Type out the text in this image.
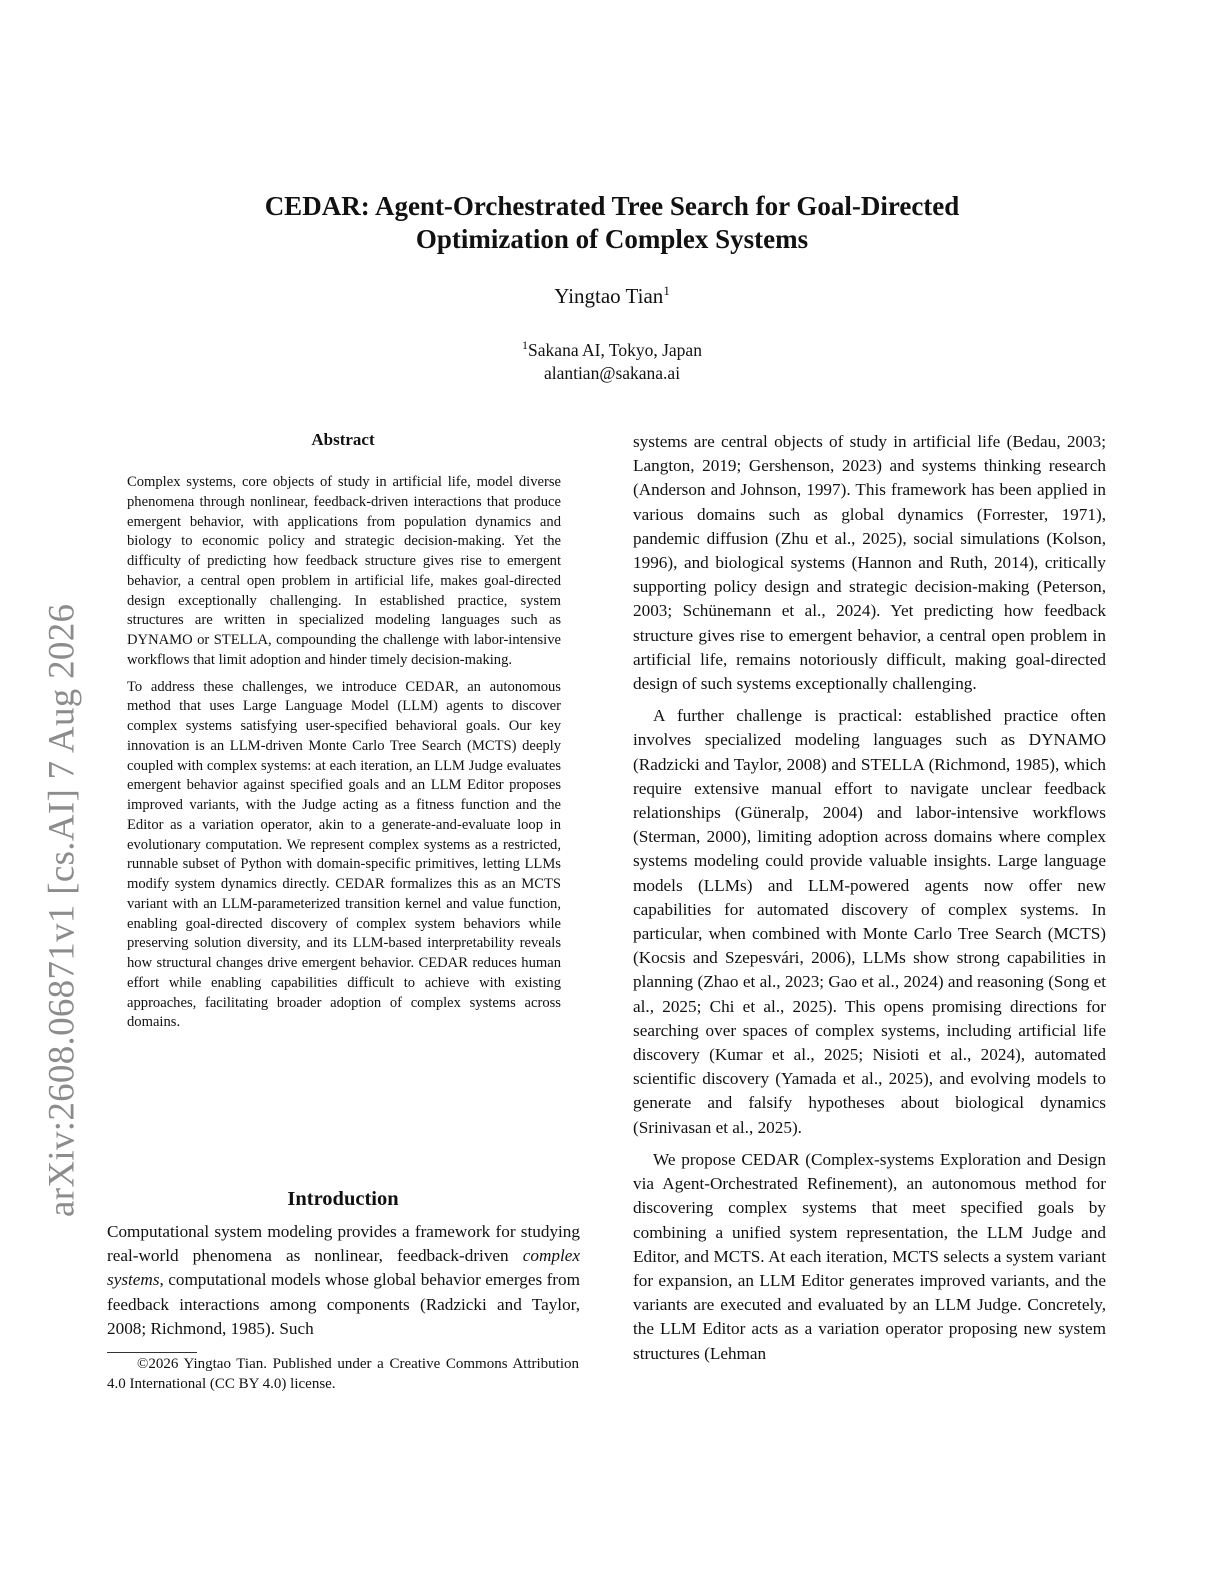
arXiv:2608.06871v1 [cs.AI] 7 Aug 2026
CEDAR: Agent-Orchestrated Tree Search for Goal-Directed
Optimization of Complex Systems
Yingtao Tian$^1$
$^1$Sakana AI, Tokyo, Japan
alantian@sakana.ai
Abstract

Complex systems, core objects of study in artificial life, model diverse phenomena through nonlinear, feedback-driven interactions that produce emergent behavior, with applications from population dynamics and biology to economic policy and strategic decision-making. Yet the difficulty of predicting how feedback structure gives rise to emergent behavior, a central open problem in artificial life, makes goal-directed design exceptionally challenging. In established practice, system structures are written in specialized modeling languages such as DYNAMO or STELLA, compounding the challenge with labor-intensive workflows that limit adoption and hinder timely decision-making.

To address these challenges, we introduce CEDAR, an autonomous method that uses Large Language Model (LLM) agents to discover complex systems satisfying user-specified behavioral goals. Our key innovation is an LLM-driven Monte Carlo Tree Search (MCTS) deeply coupled with complex systems: at each iteration, an LLM Judge evaluates emergent behavior against specified goals and an LLM Editor proposes improved variants, with the Judge acting as a fitness function and the Editor as a variation operator, akin to a generate-and-evaluate loop in evolutionary computation. We represent complex systems as a restricted, runnable subset of Python with domain-specific primitives, letting LLMs modify system dynamics directly. CEDAR formalizes this as an MCTS variant with an LLM-parameterized transition kernel and value function, enabling goal-directed discovery of complex system behaviors while preserving solution diversity, and its LLM-based interpretability reveals how structural changes drive emergent behavior. CEDAR reduces human effort while enabling capabilities difficult to achieve with existing approaches, facilitating broader adoption of complex systems across domains.

Introduction

Computational system modeling provides a framework for studying real-world phenomena as nonlinear, feedback-driven complex systems, computational models whose global behavior emerges from feedback interactions among components (Radzicki and Taylor, 2008; Richmond, 1985). Such

©2026 Yingtao Tian. Published under a Creative Commons Attribution 4.0 International (CC BY 4.0) license.

systems are central objects of study in artificial life (Bedau, 2003; Langton, 2019; Gershenson, 2023) and systems thinking research (Anderson and Johnson, 1997). This framework has been applied in various domains such as global dynamics (Forrester, 1971), pandemic diffusion (Zhu et al., 2025), social simulations (Kolson, 1996), and biological systems (Hannon and Ruth, 2014), critically supporting policy design and strategic decision-making (Peterson, 2003; Schünemann et al., 2024). Yet predicting how feedback structure gives rise to emergent behavior, a central open problem in artificial life, remains notoriously difficult, making goal-directed design of such systems exceptionally challenging.

A further challenge is practical: established practice often involves specialized modeling languages such as DYNAMO (Radzicki and Taylor, 2008) and STELLA (Richmond, 1985), which require extensive manual effort to navigate unclear feedback relationships (Güneralp, 2004) and labor-intensive workflows (Sterman, 2000), limiting adoption across domains where complex systems modeling could provide valuable insights. Large language models (LLMs) and LLM-powered agents now offer new capabilities for automated discovery of complex systems. In particular, when combined with Monte Carlo Tree Search (MCTS) (Kocsis and Szepesvári, 2006), LLMs show strong capabilities in planning (Zhao et al., 2023; Gao et al., 2024) and reasoning (Song et al., 2025; Chi et al., 2025). This opens promising directions for searching over spaces of complex systems, including artificial life discovery (Kumar et al., 2025; Nisioti et al., 2024), automated scientific discovery (Yamada et al., 2025), and evolving models to generate and falsify hypotheses about biological dynamics (Srinivasan et al., 2025).

We propose CEDAR (Complex-systems Exploration and Design via Agent-Orchestrated Refinement), an autonomous method for discovering complex systems that meet specified goals by combining a unified system representation, the LLM Judge and Editor, and MCTS. At each iteration, MCTS selects a system variant for expansion, an LLM Editor generates improved variants, and the variants are executed and evaluated by an LLM Judge. Concretely, the LLM Editor acts as a variation operator proposing new system structures (Lehman
